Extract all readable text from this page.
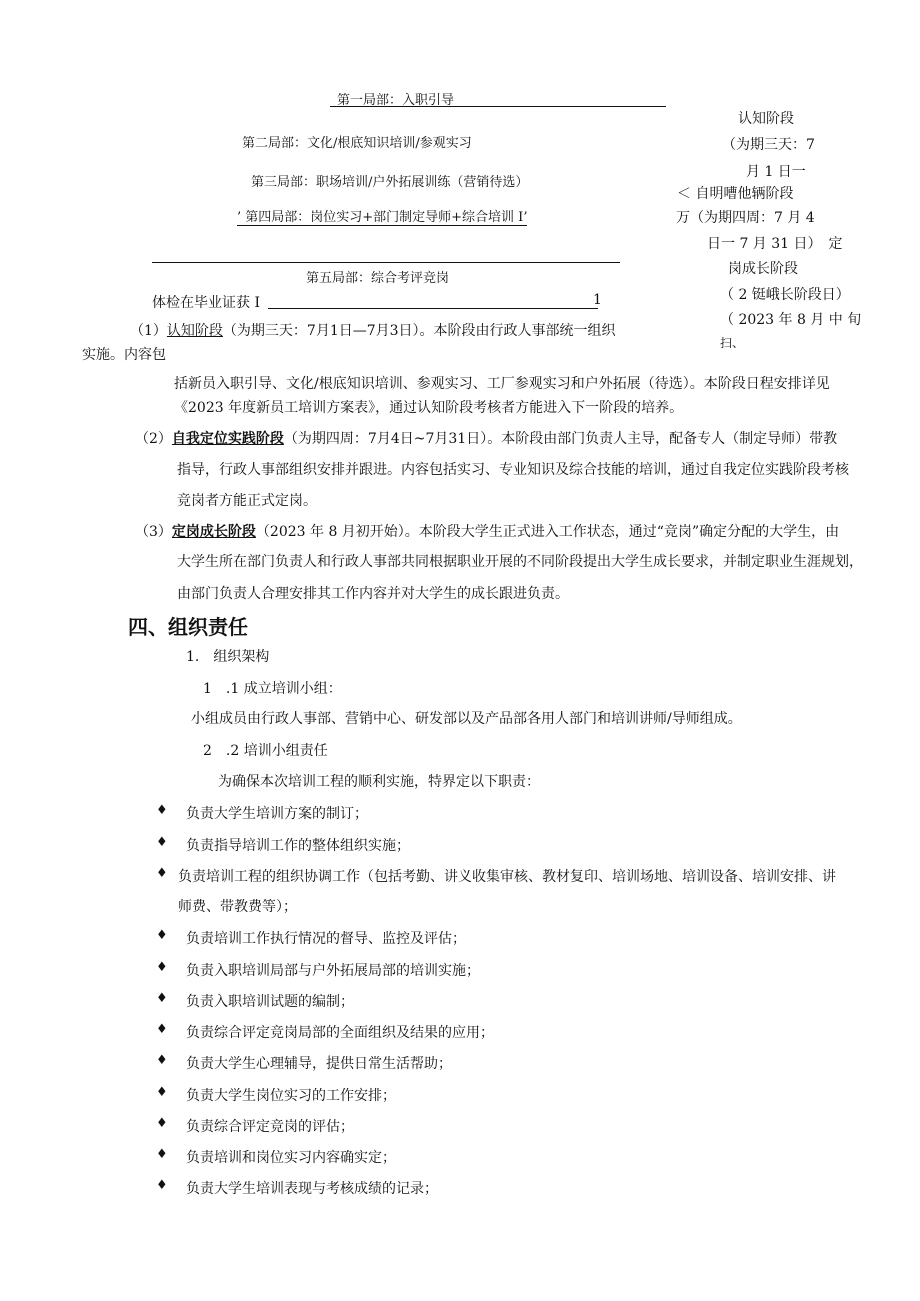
第一局部：入职引导
第二局部：文化/根底知识培训/参观实习
第三局部：职场培训/户外拓展训练（营销待选）
’ 第四局部：岗位实习+部门制定导师+综合培训 I’
第五局部：综合考评竞岗
体检在毕业证获 I	1
认知阶段
（为期三天：7
月 1 日一
＜ 自明嘈他辆阶段
万（为期四周：7 月 4
日一 7 月 31 日）　定
岗成长阶段
（ 2 铤峨长阶段日）
（ 2023 年 8 月 中 旬
扫、
（1）认知阶段（为期三天：7月1日—7月3日）。本阶段由行政人事部统一组织
实施。内容包
括新员入职引导、文化/根底知识培训、参观实习、工厂参观实习和户外拓展（待选）。本阶段日程安排详见
《2023 年度新员工培训方案表》，通过认知阶段考核者方能进入下一阶段的培养。
（2）自我定位实践阶段（为期四周：7月4日~7月31日）。本阶段由部门负责人主导，配备专人（制定导师）带教
指导，行政人事部组织安排并跟进。内容包括实习、专业知识及综合技能的培训，通过自我定位实践阶段考核
竞岗者方能正式定岗。
（3）定岗成长阶段（2023 年 8 月初开始）。本阶段大学生正式进入工作状态，通过“竞岗”确定分配的大学生，由
大学生所在部门负责人和行政人事部共同根据职业开展的不同阶段提出大学生成长要求，并制定职业生涯规划，
由部门负责人合理安排其工作内容并对大学生的成长跟进负责。
四、组织责任
1.　组织架构
1　.1 成立培训小组：
小组成员由行政人事部、营销中心、研发部以及产品部各用人部门和培训讲师/导师组成。
2　.2 培训小组责任
为确保本次培训工程的顺利实施，特界定以下职责：
♦ 负责大学生培训方案的制订；
♦ 负责指导培训工作的整体组织实施；
♦ 负责培训工程的组织协调工作（包括考勤、讲义收集审核、教材复印、培训场地、培训设备、培训安排、讲
师费、带教费等）；
♦ 负责培训工作执行情况的督导、监控及评估；
♦ 负责入职培训局部与户外拓展局部的培训实施；
♦ 负责入职培训试题的编制；
♦ 负责综合评定竞岗局部的全面组织及结果的应用；
♦ 负责大学生心理辅导，提供日常生活帮助；
♦ 负责大学生岗位实习的工作安排；
♦ 负责综合评定竞岗的评估；
♦ 负责培训和岗位实习内容确实定；
♦ 负责大学生培训表现与考核成绩的记录；
